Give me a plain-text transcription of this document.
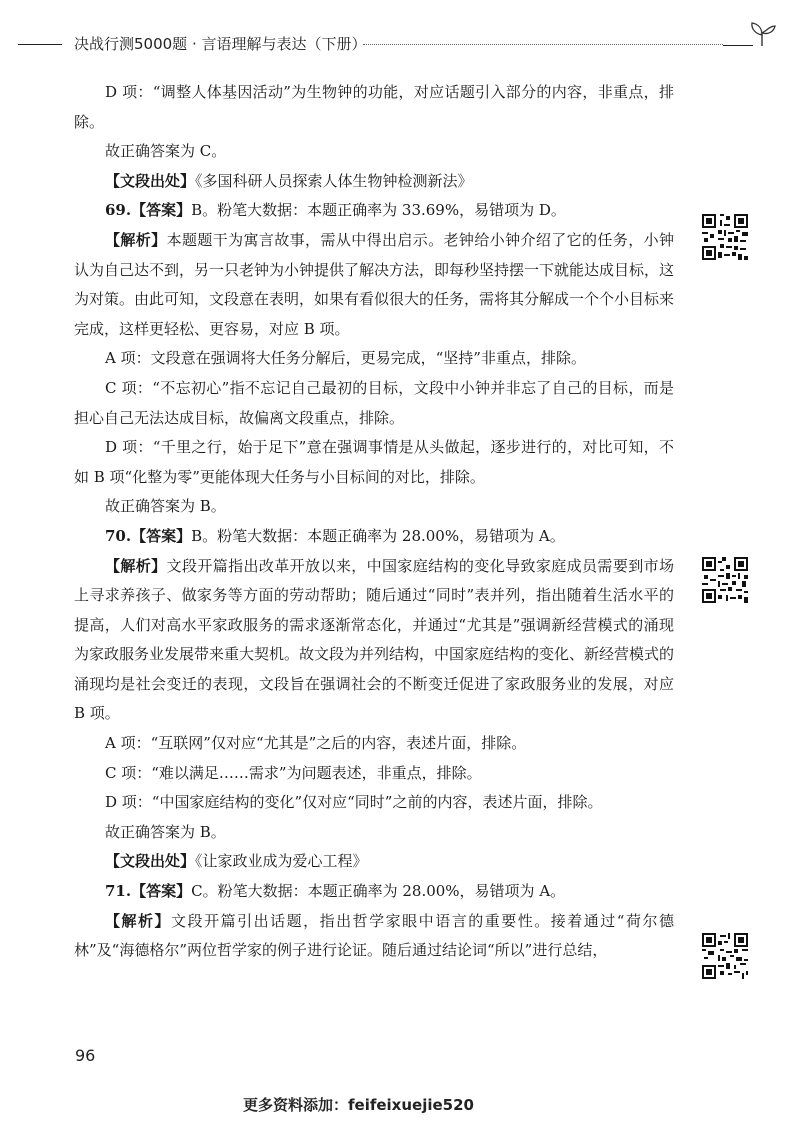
决战行测5000题 · 言语理解与表达（下册）

D 项：“调整人体基因活动”为生物钟的功能，对应话题引入部分的内容，非重点，排除。

故正确答案为 C。

【文段出处】《多国科研人员探索人体生物钟检测新法》

69.【答案】B。粉笔大数据：本题正确率为 33.69%，易错项为 D。

【解析】本题题干为寓言故事，需从中得出启示。老钟给小钟介绍了它的任务，小钟认为自己达不到，另一只老钟为小钟提供了解决方法，即每秒坚持摆一下就能达成目标，这为对策。由此可知，文段意在表明，如果有看似很大的任务，需将其分解成一个个小目标来完成，这样更轻松、更容易，对应 B 项。

A 项：文段意在强调将大任务分解后，更易完成，“坚持”非重点，排除。

C 项：“不忘初心”指不忘记自己最初的目标，文段中小钟并非忘了自己的目标，而是担心自己无法达成目标，故偏离文段重点，排除。

D 项：“千里之行，始于足下”意在强调事情是从头做起，逐步进行的，对比可知，不如 B 项“化整为零”更能体现大任务与小目标间的对比，排除。

故正确答案为 B。

70.【答案】B。粉笔大数据：本题正确率为 28.00%，易错项为 A。

【解析】文段开篇指出改革开放以来，中国家庭结构的变化导致家庭成员需要到市场上寻求养孩子、做家务等方面的劳动帮助；随后通过“同时”表并列，指出随着生活水平的提高，人们对高水平家政服务的需求逐渐常态化，并通过“尤其是”强调新经营模式的涌现为家政服务业发展带来重大契机。故文段为并列结构，中国家庭结构的变化、新经营模式的涌现均是社会变迁的表现，文段旨在强调社会的不断变迁促进了家政服务业的发展，对应 B 项。

A 项：“互联网”仅对应“尤其是”之后的内容，表述片面，排除。

C 项：“难以满足……需求”为问题表述，非重点，排除。

D 项：“中国家庭结构的变化”仅对应“同时”之前的内容，表述片面，排除。

故正确答案为 B。

【文段出处】《让家政业成为爱心工程》

71.【答案】C。粉笔大数据：本题正确率为 28.00%，易错项为 A。

【解析】文段开篇引出话题，指出哲学家眼中语言的重要性。接着通过“荷尔德林”及“海德格尔”两位哲学家的例子进行论证。随后通过结论词“所以”进行总结，

96
更多资料添加：feifeixuejie520
